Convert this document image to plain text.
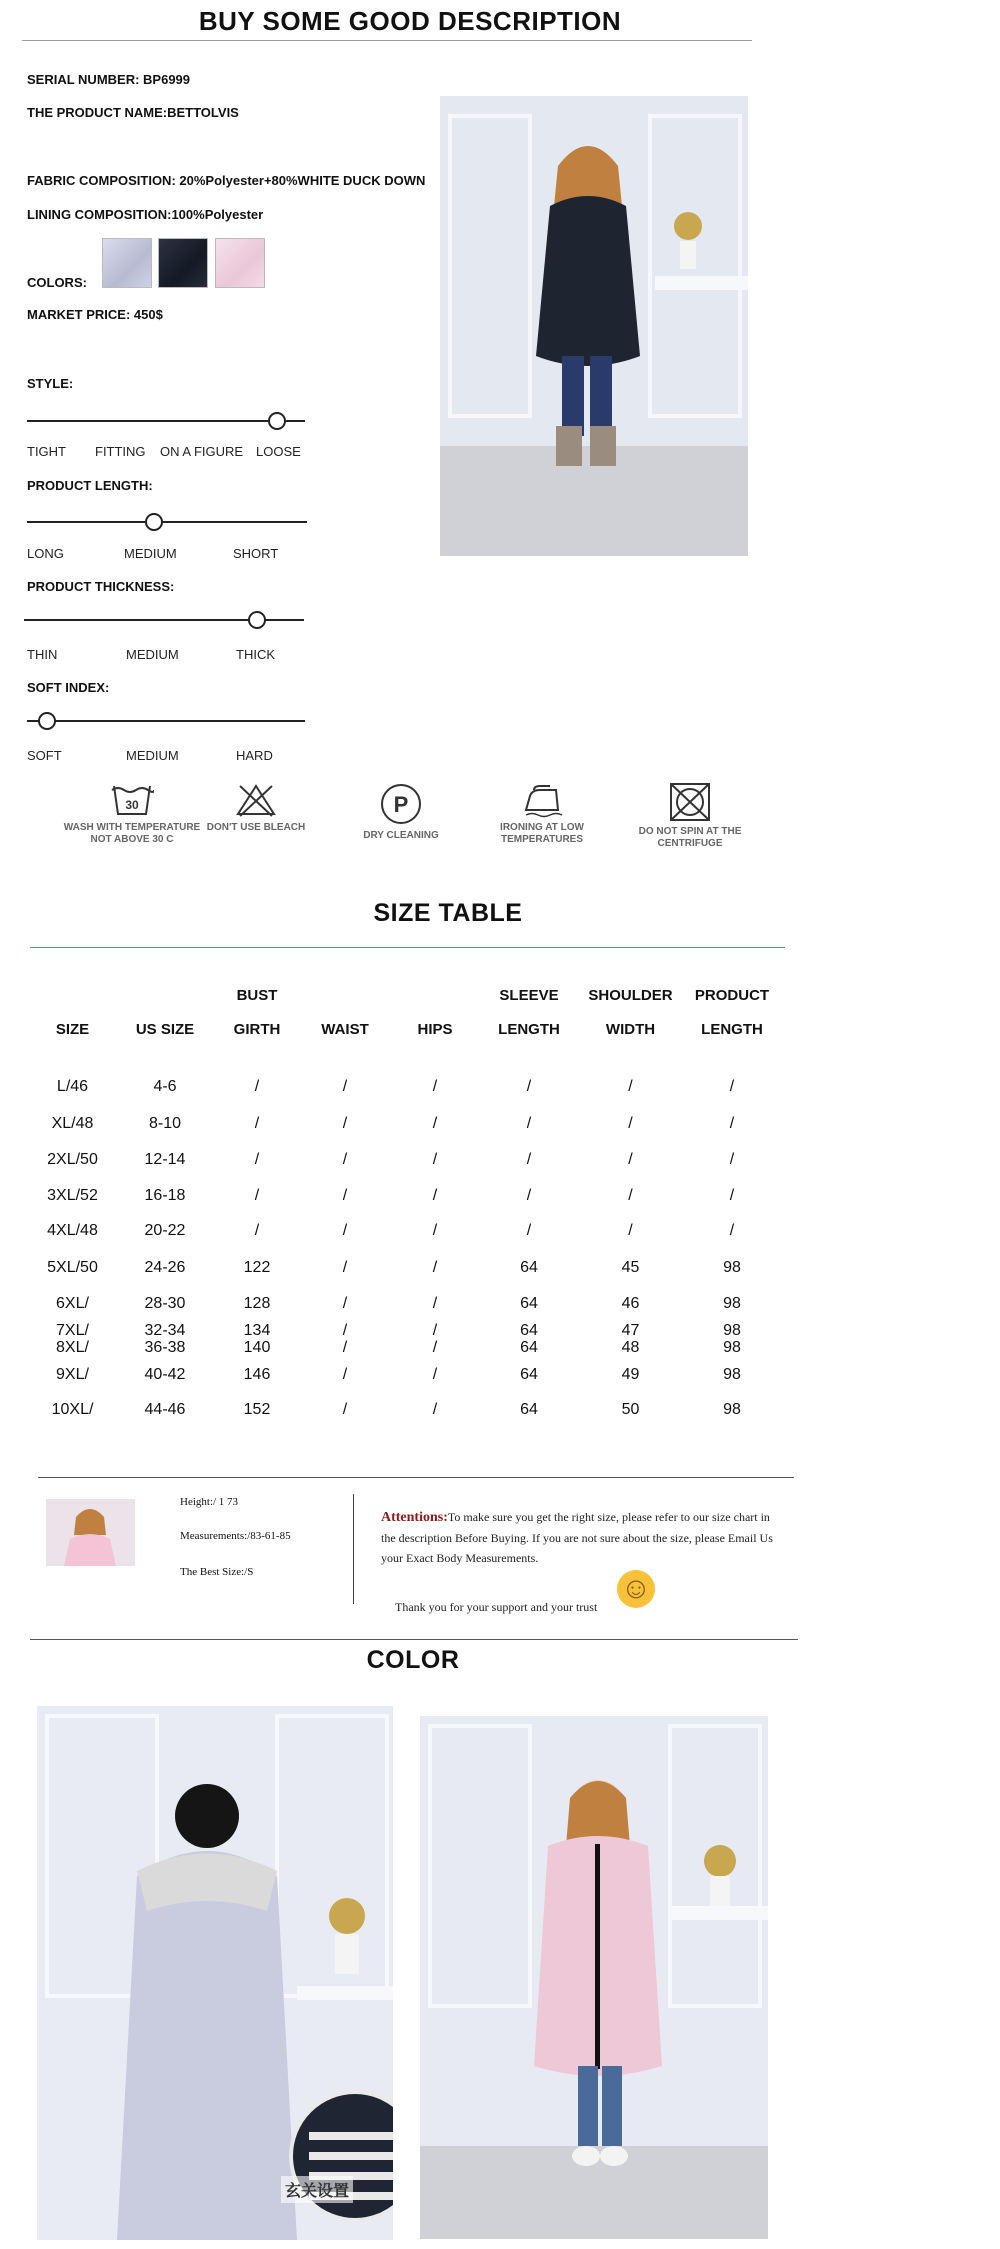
BUY SOME GOOD DESCRIPTION
SERIAL NUMBER: BP6999
THE PRODUCT NAME:BETTOLVIS
FABRIC COMPOSITION: 20%Polyester+80%WHITE DUCK DOWN
LINING COMPOSITION:100%Polyester
COLORS:
MARKET PRICE: 450$
STYLE:
TIGHT FITTING ON A FIGURE LOOSE
PRODUCT LENGTH:
LONG	MEDIUM	SHORT
PRODUCT THICKNESS:
THIN	MEDIUM	THICK
SOFT INDEX:
SOFT	MEDIUM	HARD
30
WASH WITH TEMPERATURE NOT ABOVE 30 C
DON'T USE BLEACH
P
DRY CLEANING
IRONING AT LOW TEMPERATURES
DO NOT SPIN AT THE CENTRIFUGE
SIZE TABLE
		BUST			SLEEVE	SHOULDER	PRODUCT
SIZE	US SIZE	GIRTH	WAIST	HIPS	LENGTH	WIDTH	LENGTH

L/46	4-6	/	/	/	/	/	/
XL/48	8-10	/	/	/	/	/	/
2XL/50	12-14	/	/	/	/	/	/
3XL/52	16-18	/	/	/	/	/	/
4XL/48	20-22	/	/	/	/	/	/
5XL/50	24-26	122	/	/	64	45	98
6XL/	28-30	128	/	/	64	46	98
7XL/	32-34	134	/	/	64	47	98
8XL/	36-38	140	/	/	64	48	98
9XL/	40-42	146	/	/	64	49	98
10XL/	44-46	152	/	/	64	50	98
Height:/ 1 73
Measurements:/83-61-85
The Best Size:/S
Attentions:To make sure you get the right size, please refer to our size chart in the description Before Buying. If you are not sure about the size, please Email Us your Exact Body Measurements.
Thank you for your support and your trust
☺
COLOR
玄关设置
